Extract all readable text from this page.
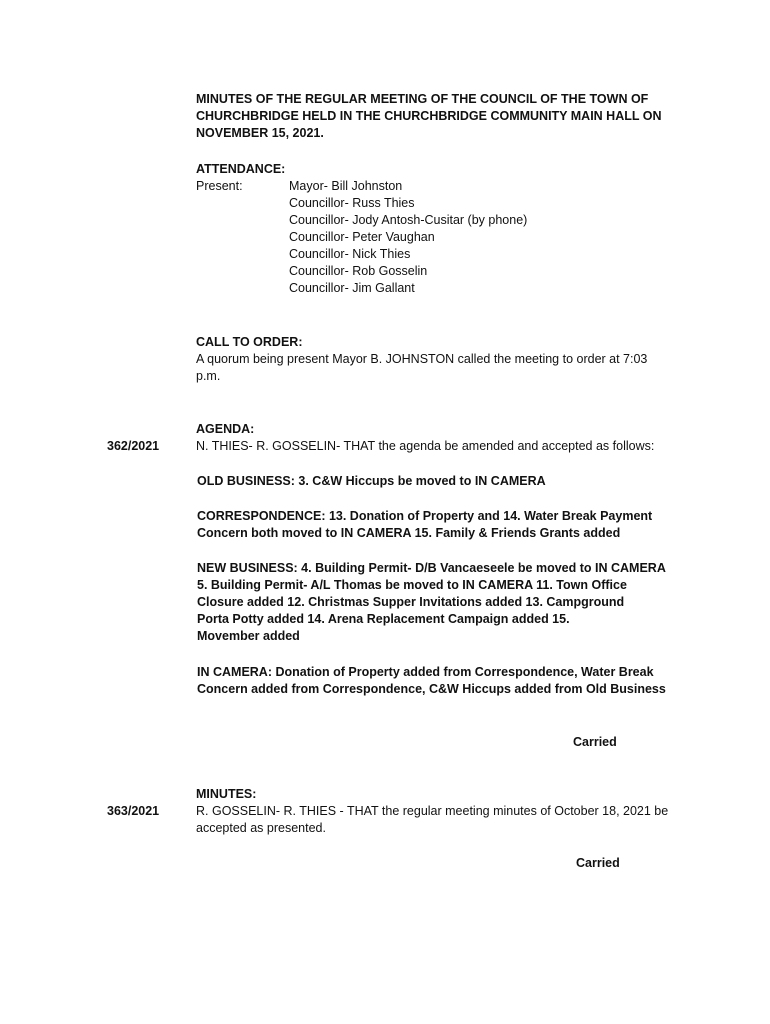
MINUTES OF THE REGULAR MEETING OF THE COUNCIL OF THE TOWN OF
CHURCHBRIDGE HELD IN THE CHURCHBRIDGE COMMUNITY MAIN HALL ON
NOVEMBER 15, 2021.
ATTENDANCE:
Present:	Mayor- Bill Johnston
Councillor- Russ Thies
Councillor- Jody Antosh-Cusitar (by phone)
Councillor- Peter Vaughan
Councillor- Nick Thies
Councillor- Rob Gosselin
Councillor- Jim Gallant
CALL TO ORDER:
A quorum being present Mayor B. JOHNSTON called the meeting to order at 7:03
p.m.
AGENDA:
362/2021	N. THIES- R. GOSSELIN- THAT the agenda be amended and accepted as follows:
OLD BUSINESS: 3. C&W Hiccups be moved to IN CAMERA
CORRESPONDENCE: 13. Donation of Property and 14. Water Break Payment
Concern both moved to IN CAMERA 15. Family & Friends Grants added
NEW BUSINESS: 4. Building Permit- D/B Vancaeseele be moved to IN CAMERA
5. Building Permit- A/L Thomas be moved to IN CAMERA 11. Town Office
Closure added 12. Christmas Supper Invitations added 13. Campground
Porta Potty added 14. Arena Replacement Campaign added 15.
Movember added
IN CAMERA: Donation of Property added from Correspondence, Water Break
Concern added from Correspondence, C&W Hiccups added from Old Business
Carried
MINUTES:
363/2021	R. GOSSELIN- R. THIES - THAT the regular meeting minutes of October 18, 2021 be
accepted as presented.
Carried
